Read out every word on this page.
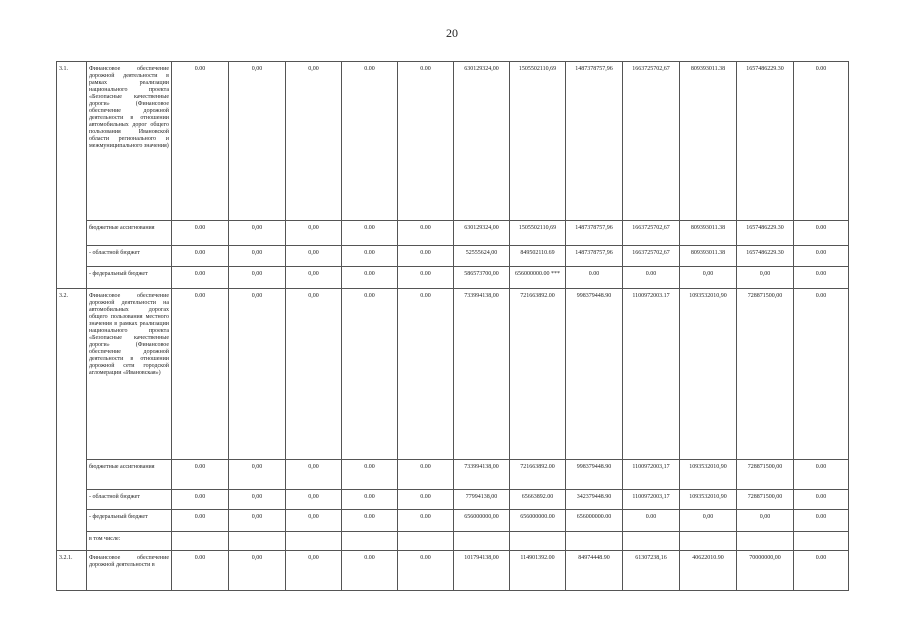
20
3.1.	Финансовое обеспечение дорожной деятельности в рамках реализации национального проекта «Безопасные качественные дороги» (Финансовое обеспечение дорожной деятельности в отношении автомобильных дорог общего пользования Ивановской области регионального и межмуниципального значения)	0.00	0,00	0,00	0.00	0.00	630129324,00	1505502110,69	1487378757,96	1663725702,67	809393011.38	1657486229.30	0.00
	бюджетные ассигнования	0.00	0,00	0,00	0.00	0.00	630129324,00	1505502110,69	1487378757,96	1663725702,67	809393011.38	1657486229.30	0.00
	- областной бюджет	0.00	0,00	0,00	0.00	0.00	52555624,00	849502110.69	1487378757,96	1663725702,67	809393011.38	1657486229.30	0.00
	- федеральный бюджет	0.00	0,00	0,00	0.00	0.00	586573700,00	656000000.00 ***	0.00	0.00	0,00	0,00	0.00
3.2.	Финансовое обеспечение дорожной деятельности на автомобильных дорогах общего пользования местного значения в рамках реализации национального проекта «Безопасные качественные дороги» (Финансовое обеспечение дорожной деятельности в отношении дорожной сети городской агломерации «Ивановская»)	0.00	0,00	0,00	0.00	0.00	733994138,00	721663892.00	998379448.90	1100972003.17	1093532010,90	728871500,00	0.00
	бюджетные ассигнования	0.00	0,00	0,00	0.00	0.00	733994138,00	721663892.00	998379448.90	1100972003,17	1093532010,90	728871500,00	0.00
	- областной бюджет	0.00	0,00	0,00	0.00	0.00	77994138,00	65663892.00	342379448.90	1100972003,17	1093532010,90	728871500,00	0.00
	- федеральный бюджет	0.00	0,00	0,00	0.00	0.00	656000000,00	656000000.00	656000000.00	0.00	0,00	0,00	0.00
	в том числе:												
3.2.1.	Финансовое обеспечение дорожной деятельности в	0.00	0,00	0,00	0.00	0.00	101794138,00	114901392.00	84974448.90	61307238,16	40622010.90	70000000,00	0.00
